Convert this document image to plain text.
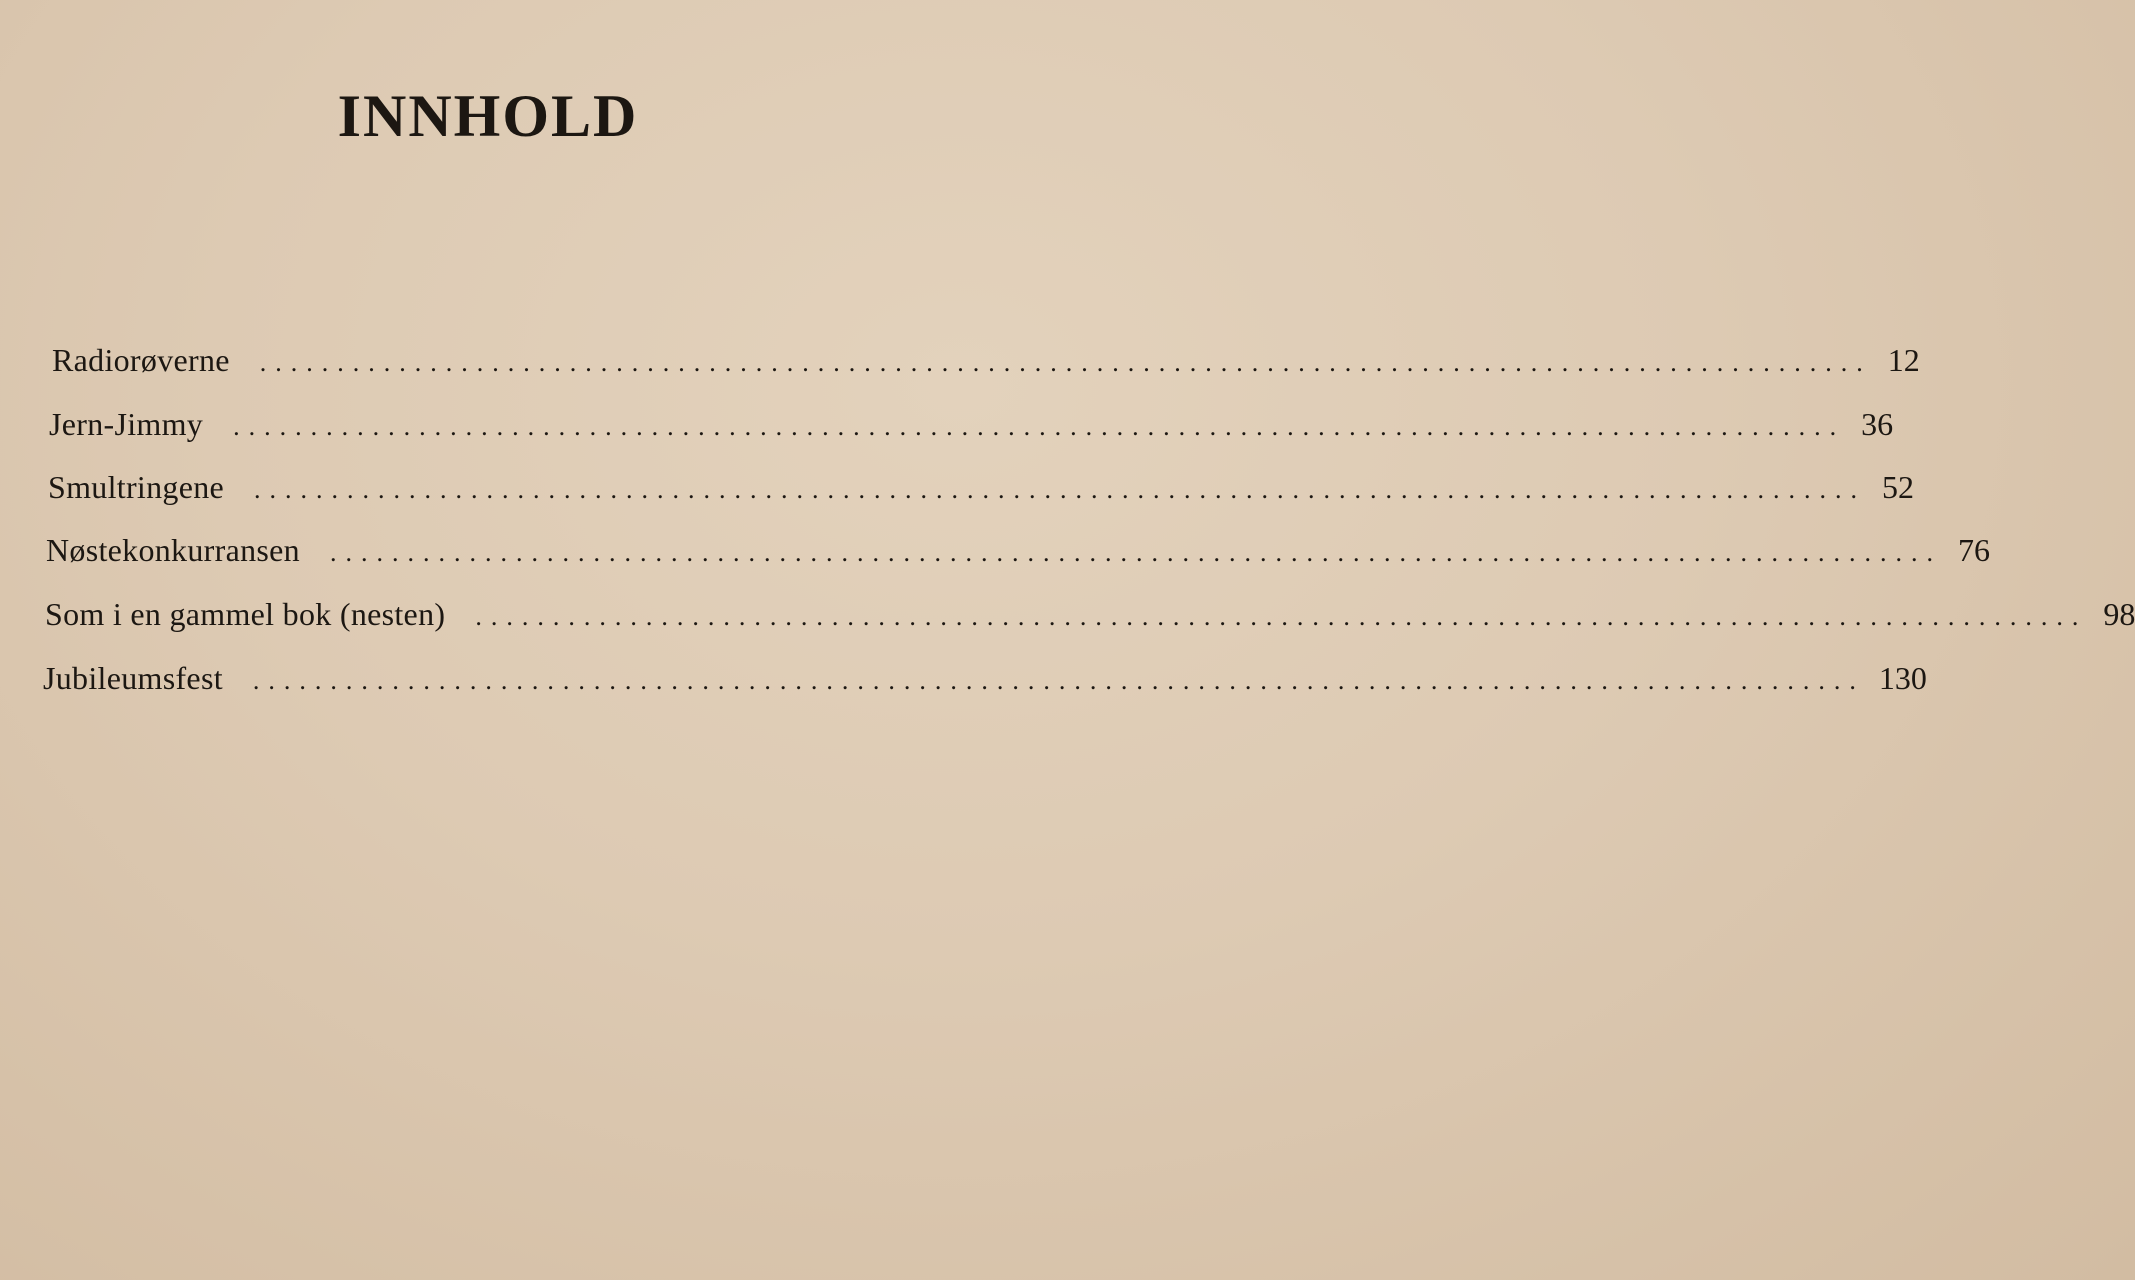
INNHOLD
Radiorøverne ........................................................................................................ 12
Jern-Jimmy ........................................................................................................ 36
Smultringene ........................................................................................................ 52
Nøstekonkurransen ........................................................................................................ 76
Som i en gammel bok (nesten) ........................................................................................................ 98
Jubileumsfest ........................................................................................................ 130
